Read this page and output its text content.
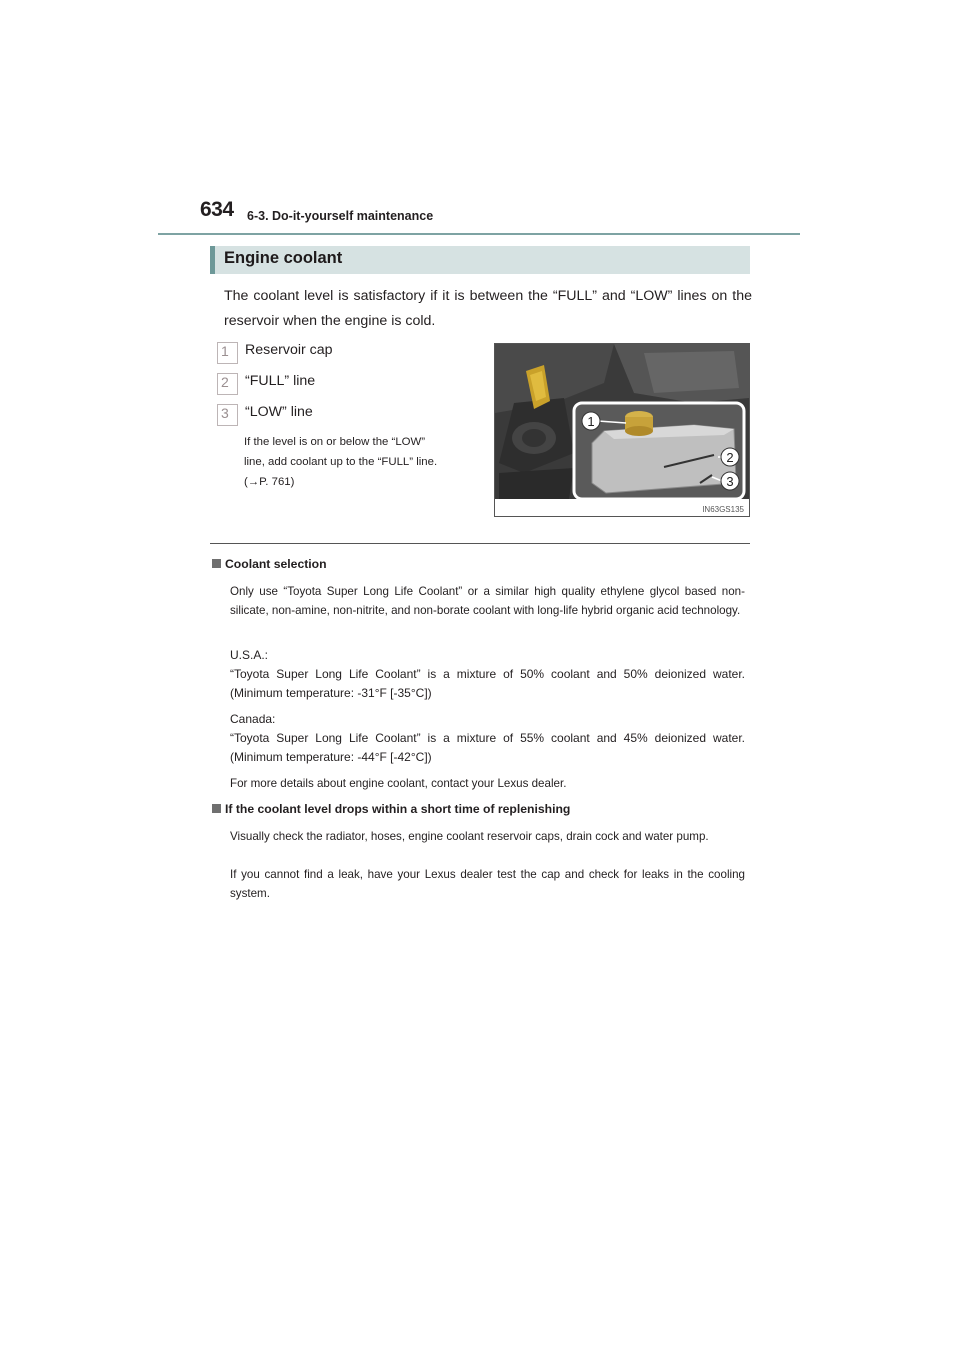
634 6-3. Do-it-yourself maintenance
Engine coolant
The coolant level is satisfactory if it is between the “FULL” and “LOW” lines on the reservoir when the engine is cold.
1 Reservoir cap
2 “FULL” line
3 “LOW” line
If the level is on or below the “LOW”
line, add coolant up to the “FULL” line.
(→P. 761)
1
2
3
IN63GS135
Coolant selection
Only use “Toyota Super Long Life Coolant” or a similar high quality ethylene glycol based non-silicate, non-amine, non-nitrite, and non-borate coolant with long-life hybrid organic acid technology.
U.S.A.:
“Toyota Super Long Life Coolant” is a mixture of 50% coolant and 50% deionized water. (Minimum temperature: -31°F [-35°C])
Canada:
“Toyota Super Long Life Coolant” is a mixture of 55% coolant and 45% deionized water. (Minimum temperature: -44°F [-42°C])
For more details about engine coolant, contact your Lexus dealer.
If the coolant level drops within a short time of replenishing
Visually check the radiator, hoses, engine coolant reservoir caps, drain cock and water pump.
If you cannot find a leak, have your Lexus dealer test the cap and check for leaks in the cooling system.
